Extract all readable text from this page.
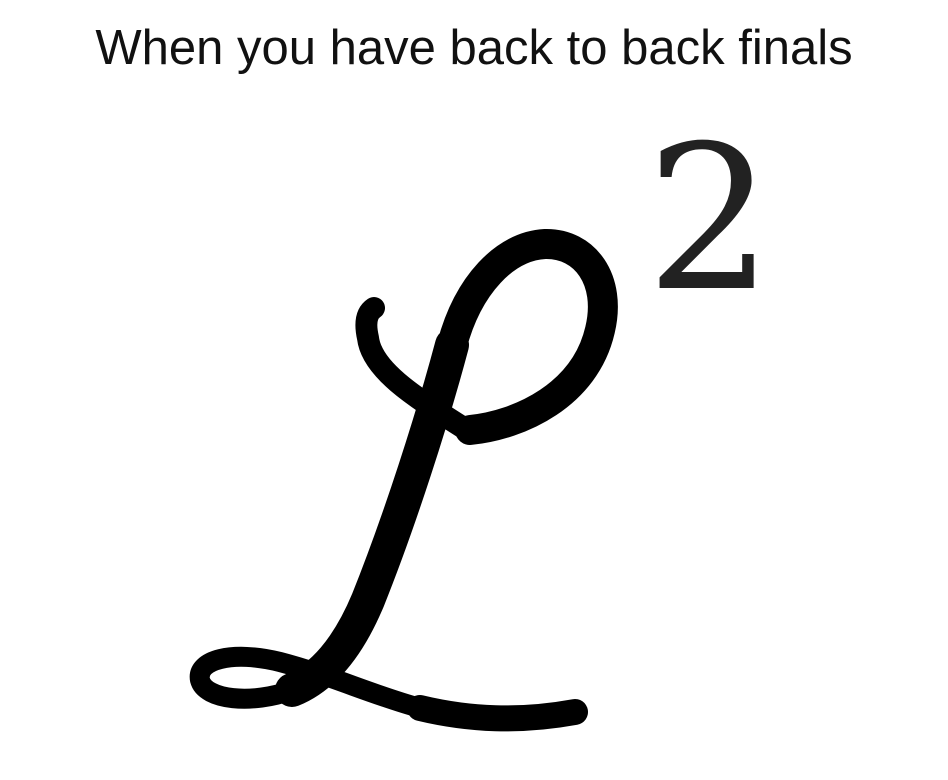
When you have back to back finals
2
